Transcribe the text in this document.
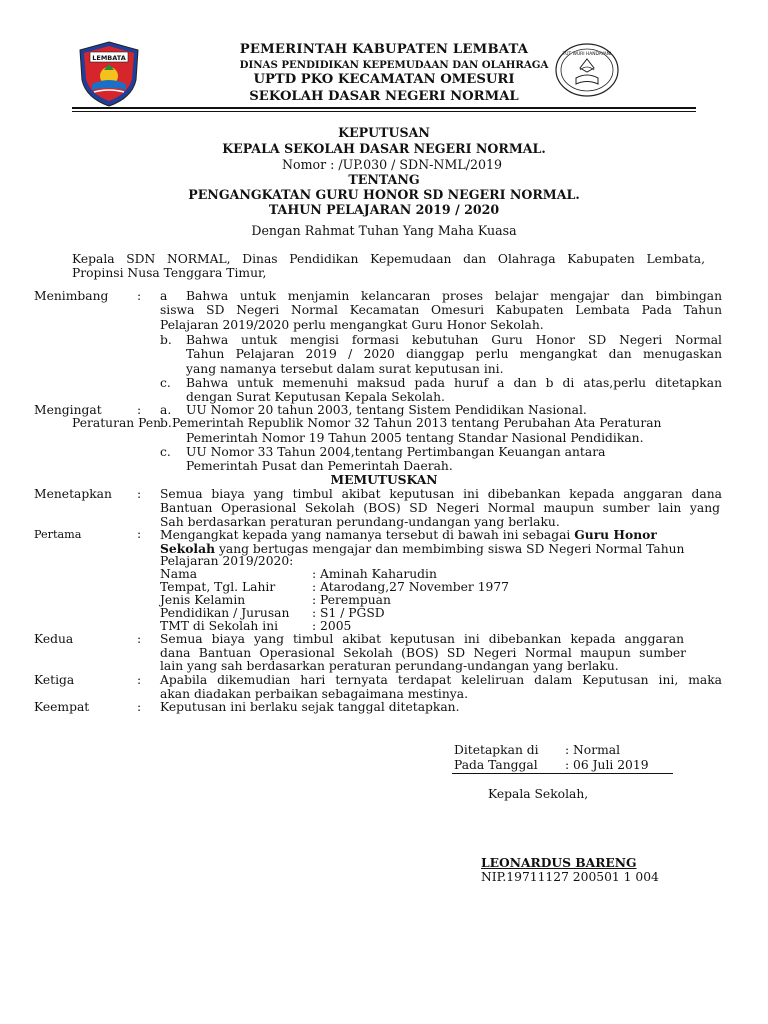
LEMBATA
PEMERINTAH KABUPATEN LEMBATA
DINAS PENDIDIKAN KEPEMUDAAN DAN OLAHRAGA
UPTD PKO KECAMATAN OMESURI
SEKOLAH DASAR NEGERI NORMAL
TUT WURI HANDAYANI
KEPUTUSAN
KEPALA SEKOLAH DASAR NEGERI NORMAL.
Nomor : /UP.030 / SDN-NML/2019
TENTANG
PENGANGKATAN GURU HONOR SD NEGERI NORMAL.
TAHUN PELAJARAN 2019 / 2020
Dengan Rahmat Tuhan Yang Maha Kuasa
Kepala SDN NORMAL, Dinas Pendidikan Kepemudaan dan Olahraga Kabupaten Lembata,
Propinsi Nusa Tenggara Timur,
Menimbang : a Bahwa untuk menjamin kelancaran proses belajar mengajar dan bimbingan
siswa SD Negeri Normal Kecamatan Omesuri Kabupaten Lembata Pada Tahun
Pelajaran 2019/2020 perlu mengangkat Guru Honor Sekolah.
b. Bahwa untuk mengisi formasi kebutuhan Guru Honor SD Negeri Normal
Tahun Pelajaran 2019 / 2020 dianggap perlu mengangkat dan menugaskan
yang namanya tersebut dalam surat keputusan ini.
c. Bahwa untuk memenuhi maksud pada huruf a dan b di atas,perlu ditetapkan
dengan Surat Keputusan Kepala Sekolah.
Mengingat	: a. UU Nomor 20 tahun 2003, tentang Sistem Pendidikan Nasional.
Peraturan Pen
b. Pemerintah Republik Nomor 32 Tahun 2013 tentang Perubahan Ata Peraturan
Pemerintah Nomor 19 Tahun 2005 tentang Standar Nasional Pendidikan.
c. UU Nomor 33 Tahun 2004,tentang Pertimbangan Keuangan antara
Pemerintah Pusat dan Pemerintah Daerah.
MEMUTUSKAN
Menetapkan : Semua biaya yang timbul akibat keputusan ini dibebankan kepada anggaran dana
Bantuan Operasional Sekolah (BOS) SD Negeri Normal maupun sumber lain yang
Sah berdasarkan peraturan perundang-undangan yang berlaku.
Pertama	: Mengangkat kepada yang namanya tersebut di bawah ini sebagai Guru Honor
Sekolah yang bertugas mengajar dan membimbing siswa SD Negeri Normal Tahun
Pelajaran 2019/2020:
Nama	: Aminah Kaharudin
Tempat, Tgl. Lahir	: Atarodang,27 November 1977
Jenis Kelamin	: Perempuan
Pendidikan / Jurusan : S1 / PGSD
TMT di Sekolah ini	: 2005
Kedua	: Semua biaya yang timbul akibat keputusan ini dibebankan kepada anggaran
dana Bantuan Operasional Sekolah (BOS) SD Negeri Normal maupun sumber
lain yang sah berdasarkan peraturan perundang-undangan yang berlaku.
Ketiga	: Apabila dikemudian hari ternyata terdapat keleliruan dalam Keputusan ini, maka
akan diadakan perbaikan sebagaimana mestinya.
Keempat	: Keputusan ini berlaku sejak tanggal ditetapkan.
Ditetapkan di : Normal
Pada Tanggal : 06 Juli 2019
Kepala Sekolah,
LEONARDUS BARENG
NIP.19711127 200501 1 004
